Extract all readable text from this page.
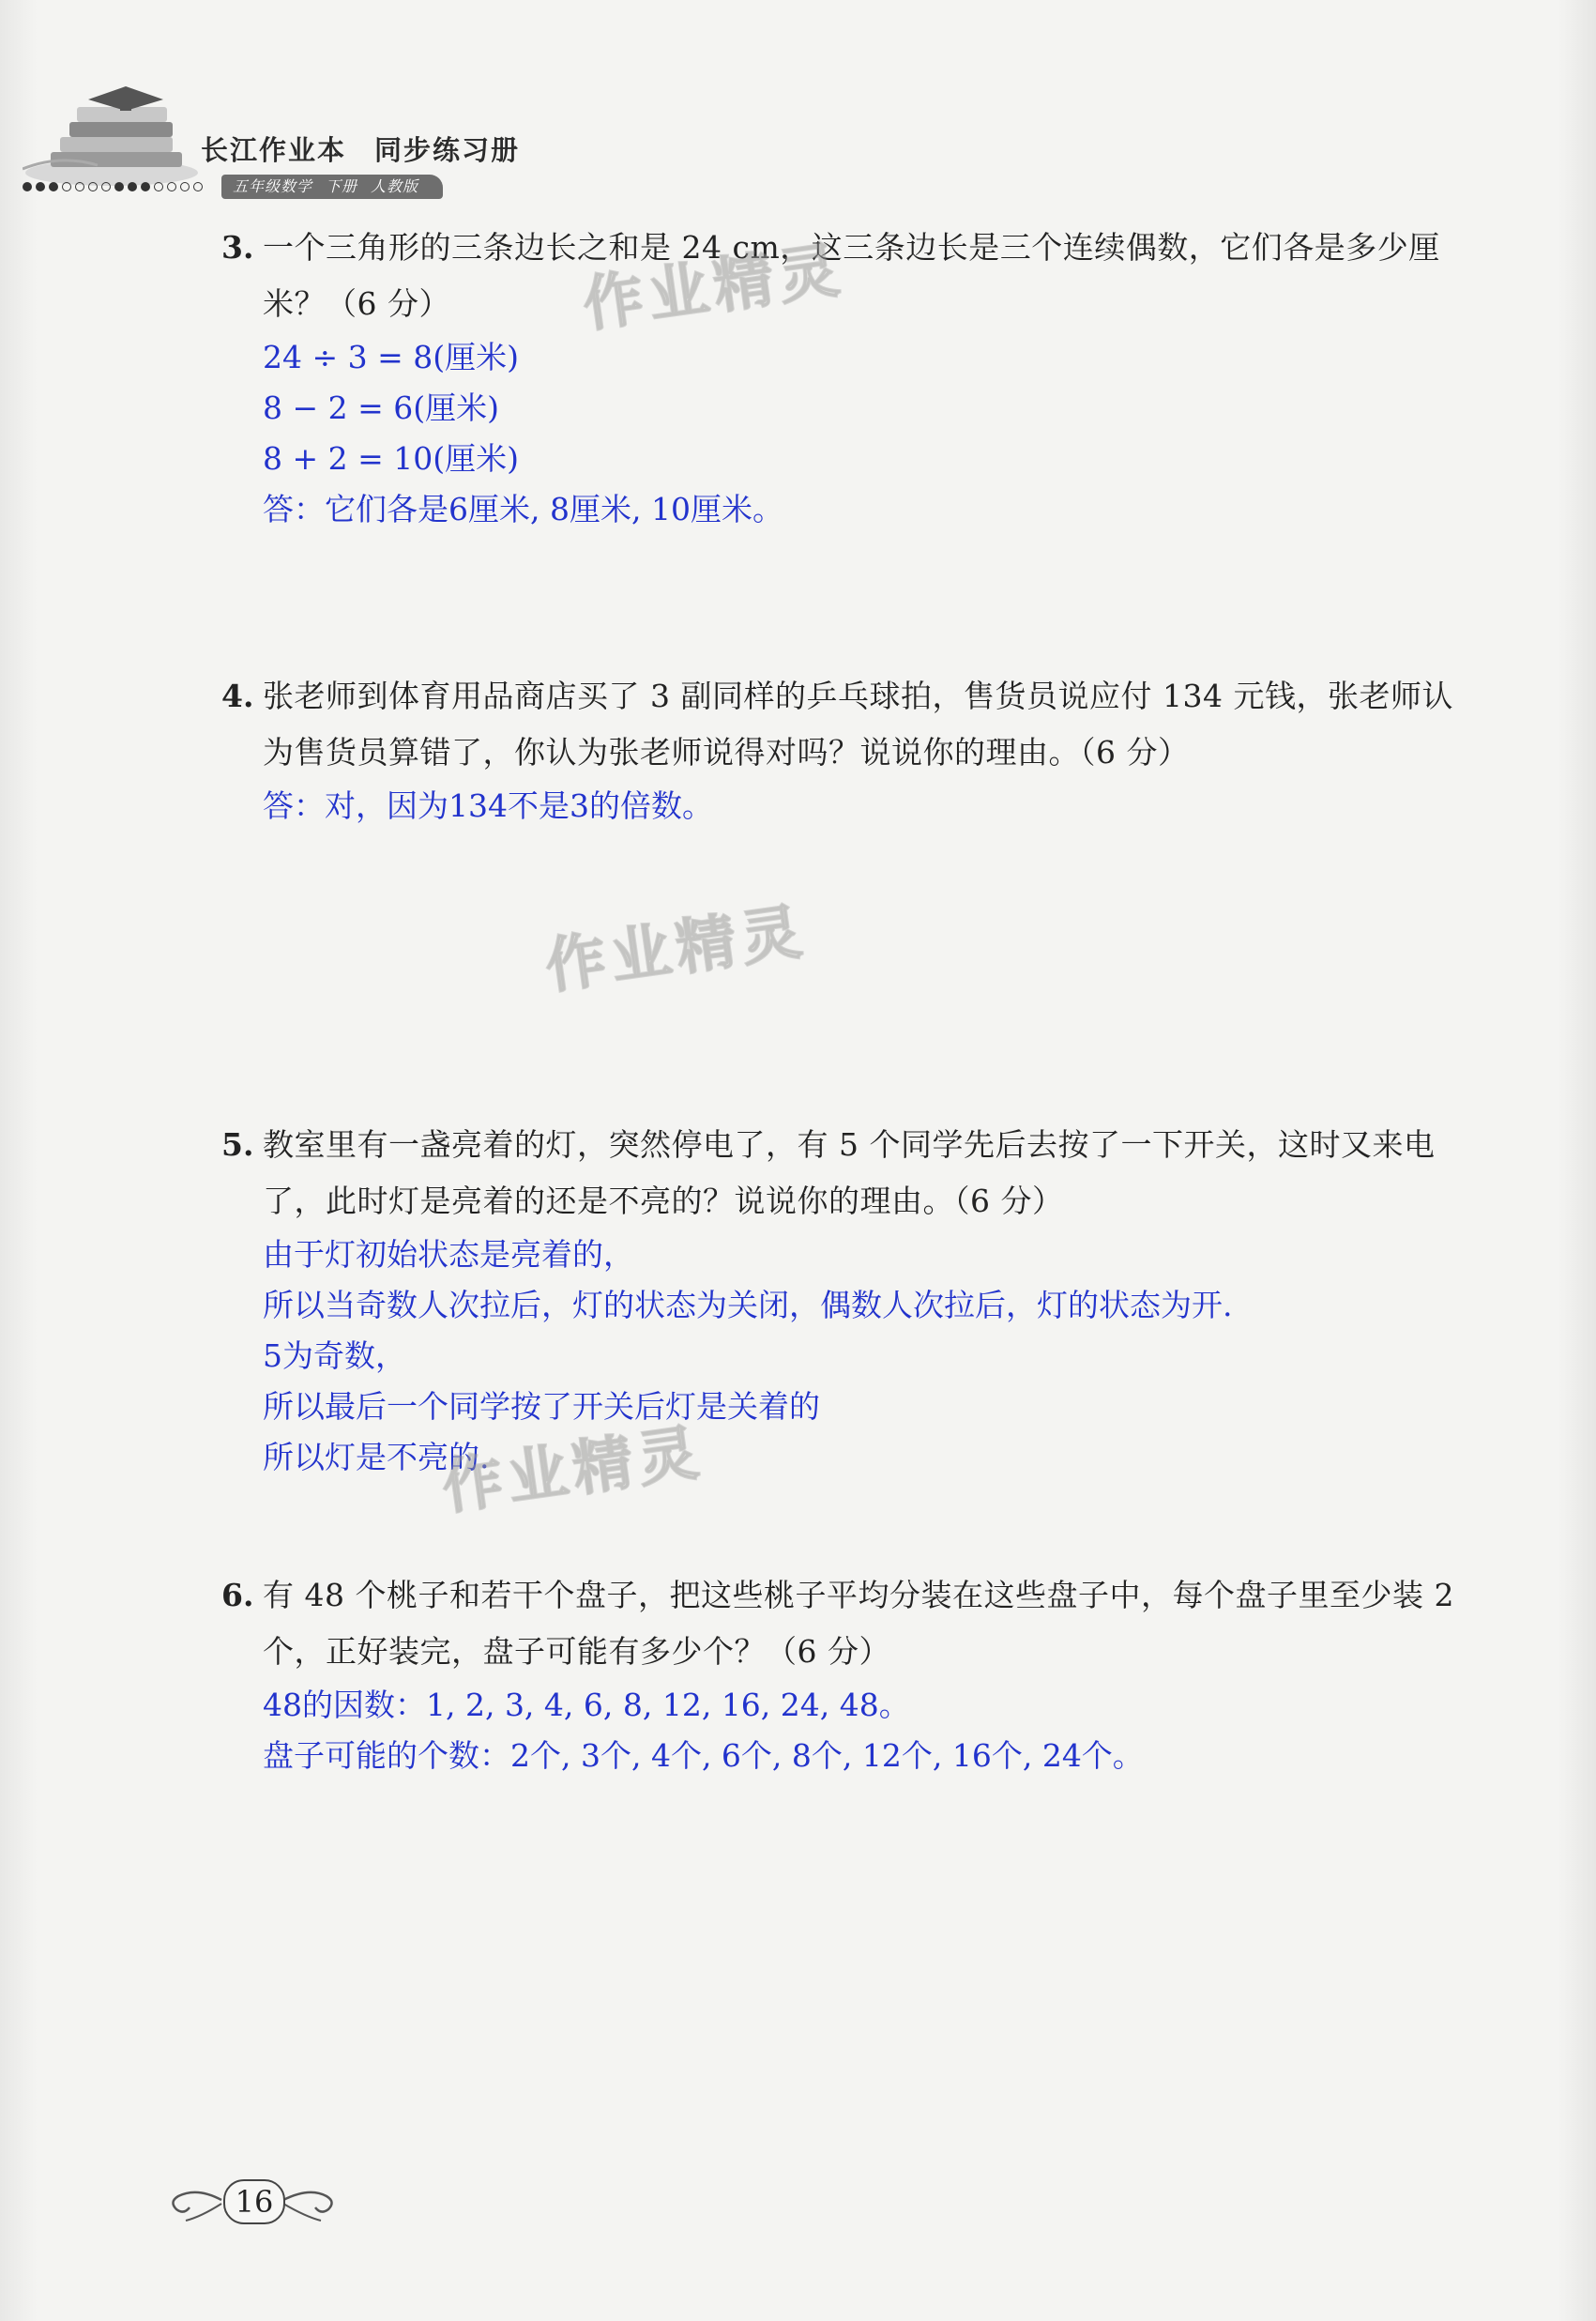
长江作业本 同步练习册
五年级数学 下册 人教版
3. 一个三角形的三条边长之和是 24 cm，这三条边长是三个连续偶数，它们各是多少厘米？（6 分）
24 ÷ 3 = 8(厘米)
8 − 2 = 6(厘米)
8 + 2 = 10(厘米)
答：它们各是6厘米, 8厘米, 10厘米。
4. 张老师到体育用品商店买了 3 副同样的乒乓球拍，售货员说应付 134 元钱，张老师认为售货员算错了，你认为张老师说得对吗？说说你的理由。（6 分）
答：对，因为134不是3的倍数。
5. 教室里有一盏亮着的灯，突然停电了，有 5 个同学先后去按了一下开关，这时又来电了，此时灯是亮着的还是不亮的？说说你的理由。（6 分）
由于灯初始状态是亮着的，
所以当奇数人次拉后，灯的状态为关闭，偶数人次拉后，灯的状态为开.
5为奇数，
所以最后一个同学按了开关后灯是关着的
所以灯是不亮的.
6. 有 48 个桃子和若干个盘子，把这些桃子平均分装在这些盘子中，每个盘子里至少装 2 个，正好装完，盘子可能有多少个？（6 分）
48的因数：1, 2, 3, 4, 6, 8, 12, 16, 24, 48。
盘子可能的个数：2个, 3个, 4个, 6个, 8个, 12个, 16个, 24个。
作业精灵
作业精灵
作业精灵
16
